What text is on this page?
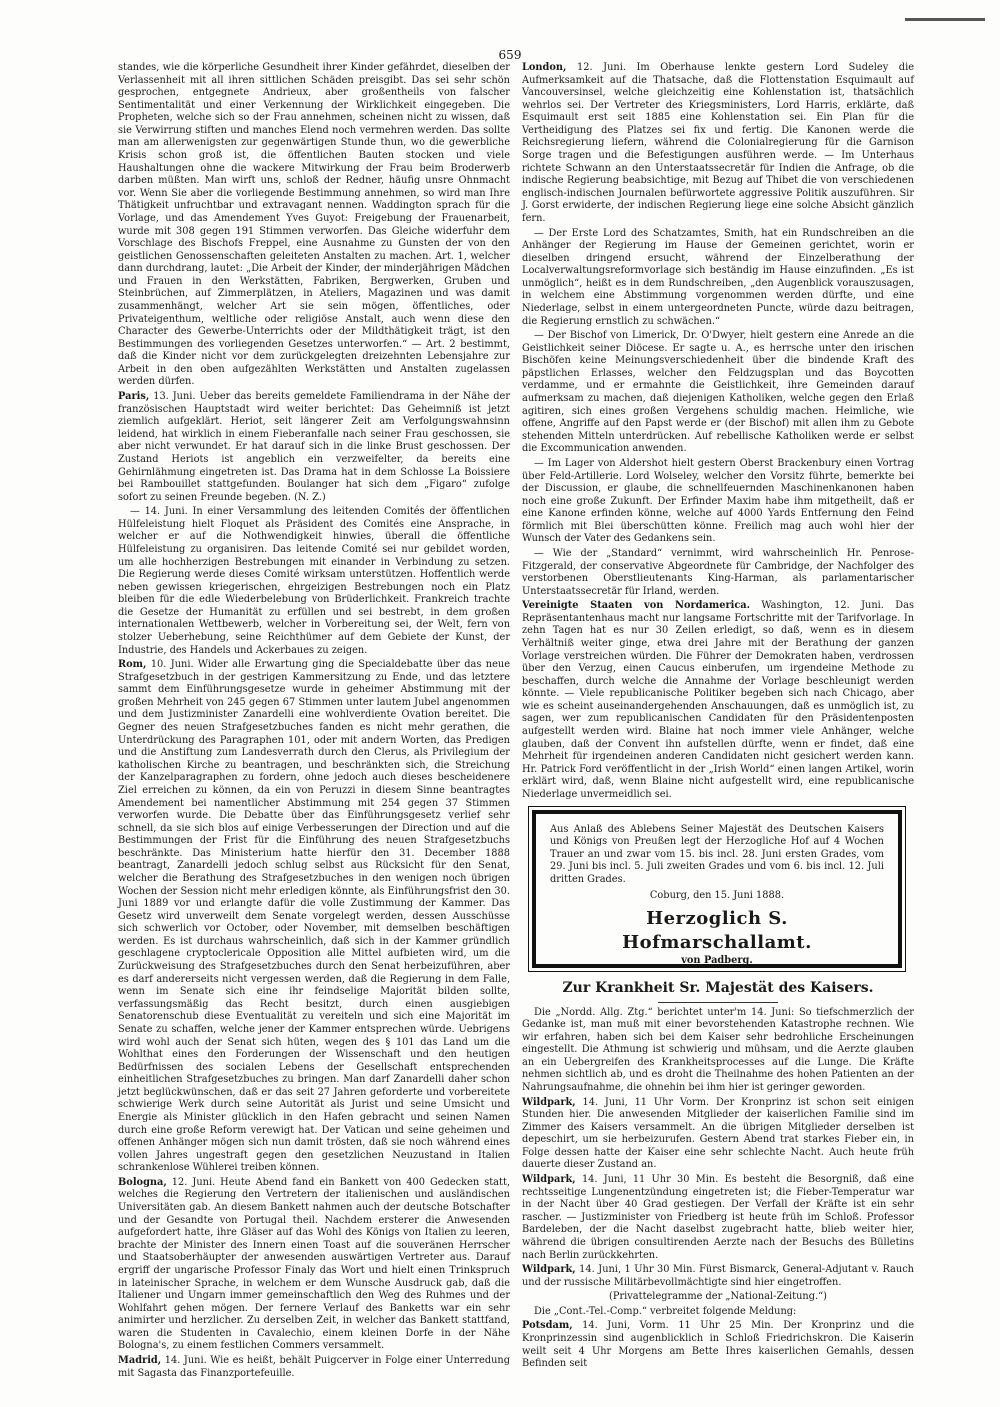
659

standes, wie die körperliche Gesundheit ihrer Kinder gefährdet, dieselben der Verlassenheit mit all ihren sittlichen Schäden preisgibt. Das sei sehr schön gesprochen, entgegnete Andrieux, aber großentheils von falscher Sentimentalität und einer Verkennung der Wirklichkeit eingegeben. Die Propheten, welche sich so der Frau annehmen, scheinen nicht zu wissen, daß sie Verwirrung stiften und manches Elend noch vermehren werden. Das sollte man am allerwenigsten zur gegenwärtigen Stunde thun, wo die gewerbliche Krisis schon groß ist, die öffentlichen Bauten stocken und viele Haushaltungen ohne die wackere Mitwirkung der Frau beim Broderwerb darben müßten. Man wirft uns, schloß der Redner, häufig unsre Ohnmacht vor. Wenn Sie aber die vorliegende Bestimmung annehmen, so wird man Ihre Thätigkeit unfruchtbar und extravagant nennen. Waddington sprach für die Vorlage, und das Amendement Yves Guyot: Freigebung der Frauenarbeit, wurde mit 308 gegen 191 Stimmen verworfen. Das Gleiche widerfuhr dem Vorschlage des Bischofs Freppel, eine Ausnahme zu Gunsten der von den geistlichen Genossenschaften geleiteten Anstalten zu machen. Art. 1, welcher dann durchdrang, lautet: „Die Arbeit der Kinder, der minderjährigen Mädchen und Frauen in den Werkstätten, Fabriken, Bergwerken, Gruben und Steinbrüchen, auf Zimmerplätzen, in Ateliers, Magazinen und was damit zusammenhängt, welcher Art sie sein mögen, öffentliches, oder Privateigenthum, weltliche oder religiöse Anstalt, auch wenn diese den Character des Gewerbe-Unterrichts oder der Mildthätigkeit trägt, ist den Bestimmungen des vorliegenden Gesetzes unterworfen.“ — Art. 2 bestimmt, daß die Kinder nicht vor dem zurückgelegten dreizehnten Lebensjahre zur Arbeit in den oben aufgezählten Werkstätten und Anstalten zugelassen werden dürfen.

Paris, 13. Juni. Ueber das bereits gemeldete Familiendrama in der Nähe der französischen Hauptstadt wird weiter berichtet: Das Geheimniß ist jetzt ziemlich aufgeklärt. Heriot, seit längerer Zeit am Verfolgungswahnsinn leidend, hat wirklich in einem Fieberanfalle nach seiner Frau geschossen, sie aber nicht verwundet. Er hat darauf sich in die linke Brust geschossen. Der Zustand Heriots ist angeblich ein verzweifelter, da bereits eine Gehirnlähmung eingetreten ist. Das Drama hat in dem Schlosse La Boissiere bei Rambouillet stattgefunden. Boulanger hat sich dem „Figaro“ zufolge sofort zu seinen Freunde begeben. (N. Z.)

— 14. Juni. In einer Versammlung des leitenden Comités der öffentlichen Hülfeleistung hielt Floquet als Präsident des Comités eine Ansprache, in welcher er auf die Nothwendigkeit hinwies, überall die öffentliche Hülfeleistung zu organisiren. Das leitende Comité sei nur gebildet worden, um alle hochherzigen Bestrebungen mit einander in Verbindung zu setzen. Die Regierung werde dieses Comité wirksam unterstützen. Hoffentlich werde neben gewissen kriegerischen, ehrgeizigen Bestrebungen noch ein Platz bleiben für die edle Wiederbelebung von Brüderlichkeit. Frankreich trachte die Gesetze der Humanität zu erfüllen und sei bestrebt, in dem großen internationalen Wettbewerb, welcher in Vorbereitung sei, der Welt, fern von stolzer Ueberhebung, seine Reichthümer auf dem Gebiete der Kunst, der Industrie, des Handels und Ackerbaues zu zeigen.

Rom, 10. Juni. Wider alle Erwartung ging die Specialdebatte über das neue Strafgesetzbuch in der gestrigen Kammersitzung zu Ende, und das letztere sammt dem Einführungsgesetze wurde in geheimer Abstimmung mit der großen Mehrheit von 245 gegen 67 Stimmen unter lautem Jubel angenommen und dem Justizminister Zanardelli eine wohlverdiente Ovation bereitet. Die Gegner des neuen Strafgesetzbuches fanden es nicht mehr gerathen, die Unterdrückung des Paragraphen 101, oder mit andern Worten, das Predigen und die Anstiftung zum Landesverrath durch den Clerus, als Privilegium der katholischen Kirche zu beantragen, und beschränkten sich, die Streichung der Kanzelparagraphen zu fordern, ohne jedoch auch dieses bescheidenere Ziel erreichen zu können, da ein von Peruzzi in diesem Sinne beantragtes Amendement bei namentlicher Abstimmung mit 254 gegen 37 Stimmen verworfen wurde. Die Debatte über das Einführungsgesetz verlief sehr schnell, da sie sich blos auf einige Verbesserungen der Direction und auf die Bestimmungen der Frist für die Einführung des neuen Strafgesetzbuchs beschränkte. Das Ministerium hatte hierfür den 31. December 1888 beantragt, Zanardelli jedoch schlug selbst aus Rücksicht für den Senat, welcher die Berathung des Strafgesetzbuches in den wenigen noch übrigen Wochen der Session nicht mehr erledigen könnte, als Einführungsfrist den 30. Juni 1889 vor und erlangte dafür die volle Zustimmung der Kammer. Das Gesetz wird unverweilt dem Senate vorgelegt werden, dessen Ausschüsse sich schwerlich vor October, oder November, mit demselben beschäftigen werden. Es ist durchaus wahrscheinlich, daß sich in der Kammer gründlich geschlagene cryptoclericale Opposition alle Mittel aufbieten wird, um die Zurückweisung des Strafgesetzbuches durch den Senat herbeizuführen, aber es darf andererseits nicht vergessen werden, daß die Regierung in dem Falle, wenn im Senate sich eine ihr feindselige Majorität bilden sollte, verfassungsmäßig das Recht besitzt, durch einen ausgiebigen Senatorenschub diese Eventualität zu vereiteln und sich eine Majorität im Senate zu schaffen, welche jener der Kammer entsprechen würde. Uebrigens wird wohl auch der Senat sich hüten, wegen des § 101 das Land um die Wohlthat eines den Forderungen der Wissenschaft und den heutigen Bedürfnissen des socialen Lebens der Gesellschaft entsprechenden einheitlichen Strafgesetzbuches zu bringen. Man darf Zanardelli daher schon jetzt beglückwünschen, daß er das seit 27 Jahren geforderte und vorbereitete schwierige Werk durch seine Autorität als Jurist und seine Umsicht und Energie als Minister glücklich in den Hafen gebracht und seinen Namen durch eine große Reform verewigt hat. Der Vatican und seine geheimen und offenen Anhänger mögen sich nun damit trösten, daß sie noch während eines vollen Jahres ungestraft gegen den gesetzlichen Neuzustand in Italien schrankenlose Wühlerei treiben können.

Bologna, 12. Juni. Heute Abend fand ein Bankett von 400 Gedecken statt, welches die Regierung den Vertretern der italienischen und ausländischen Universitäten gab. An diesem Bankett nahmen auch der deutsche Botschafter und der Gesandte von Portugal theil. Nachdem ersterer die Anwesenden aufgefordert hatte, ihre Gläser auf das Wohl des Königs von Italien zu leeren, brachte der Minister des Innern einen Toast auf die souveränen Herrscher und Staatsoberhäupter der anwesenden auswärtigen Vertreter aus. Darauf ergriff der ungarische Professor Finaly das Wort und hielt einen Trinkspruch in lateinischer Sprache, in welchem er dem Wunsche Ausdruck gab, daß die Italiener und Ungarn immer gemeinschaftlich den Weg des Ruhmes und der Wohlfahrt gehen mögen. Der fernere Verlauf des Banketts war ein sehr animirter und herzlicher. Zu derselben Zeit, in welcher das Bankett stattfand, waren die Studenten in Cavalechio, einem kleinen Dorfe in der Nähe Bologna's, zu einem festlichen Commers versammelt.

Madrid, 14. Juni. Wie es heißt, behält Puigcerver in Folge einer Unterredung mit Sagasta das Finanzportefeuille.

London, 12. Juni. Im Oberhause lenkte gestern Lord Sudeley die Aufmerksamkeit auf die Thatsache, daß die Flottenstation Esquimault auf Vancouversinsel, welche gleichzeitig eine Kohlenstation ist, thatsächlich wehrlos sei. Der Vertreter des Kriegsministers, Lord Harris, erklärte, daß Esquimault erst seit 1885 eine Kohlenstation sei. Ein Plan für die Vertheidigung des Platzes sei fix und fertig. Die Kanonen werde die Reichsregierung liefern, während die Colonialregierung für die Garnison Sorge tragen und die Befestigungen ausführen werde. — Im Unterhaus richtete Schwann an den Unterstaatssecretär für Indien die Anfrage, ob die indische Regierung beabsichtige, mit Bezug auf Thibet die von verschiedenen englisch-indischen Journalen befürwortete aggressive Politik auszuführen. Sir J. Gorst erwiderte, der indischen Regierung liege eine solche Absicht gänzlich fern.

— Der Erste Lord des Schatzamtes, Smith, hat ein Rundschreiben an die Anhänger der Regierung im Hause der Gemeinen gerichtet, worin er dieselben dringend ersucht, während der Einzelberathung der Localverwaltungsreformvorlage sich beständig im Hause einzufinden. „Es ist unmöglich“, heißt es in dem Rundschreiben, „den Augenblick vorauszusagen, in welchem eine Abstimmung vorgenommen werden dürfte, und eine Niederlage, selbst in einem untergeordneten Puncte, würde dazu beitragen, die Regierung ernstlich zu schwächen.“

— Der Bischof von Limerick, Dr. O'Dwyer, hielt gestern eine Anrede an die Geistlichkeit seiner Diöcese. Er sagte u. A., es herrsche unter den irischen Bischöfen keine Meinungsverschiedenheit über die bindende Kraft des päpstlichen Erlasses, welcher den Feldzugsplan und das Boycotten verdamme, und er ermahnte die Geistlichkeit, ihre Gemeinden darauf aufmerksam zu machen, daß diejenigen Katholiken, welche gegen den Erlaß agitiren, sich eines großen Vergehens schuldig machen. Heimliche, wie offene, Angriffe auf den Papst werde er (der Bischof) mit allen ihm zu Gebote stehenden Mitteln unterdrücken. Auf rebellische Katholiken werde er selbst die Excommunication anwenden.

— Im Lager von Aldershot hielt gestern Oberst Brackenbury einen Vortrag über Feld-Artillerie. Lord Wolseley, welcher den Vorsitz führte, bemerkte bei der Discussion, er glaube, die schnellfeuernden Maschinenkanonen haben noch eine große Zukunft. Der Erfinder Maxim habe ihm mitgetheilt, daß er eine Kanone erfinden könne, welche auf 4000 Yards Entfernung den Feind förmlich mit Blei überschütten könne. Freilich mag auch wohl hier der Wunsch der Vater des Gedankens sein.

— Wie der „Standard“ vernimmt, wird wahrscheinlich Hr. Penrose-Fitzgerald, der conservative Abgeordnete für Cambridge, der Nachfolger des verstorbenen Oberstlieutenants King-Harman, als parlamentarischer Unterstaatssecretär für Irland, werden.

Vereinigte Staaten von Nordamerica. Washington, 12. Juni. Das Repräsentantenhaus macht nur langsame Fortschritte mit der Tarifvorlage. In zehn Tagen hat es nur 30 Zeilen erledigt, so daß, wenn es in diesem Verhältniß weiter ginge, etwa drei Jahre mit der Berathung der ganzen Vorlage verstreichen würden. Die Führer der Demokraten haben, verdrossen über den Verzug, einen Caucus einberufen, um irgendeine Methode zu beschaffen, durch welche die Annahme der Vorlage beschleunigt werden könnte. — Viele republicanische Politiker begeben sich nach Chicago, aber wie es scheint auseinandergehenden Anschauungen, daß es unmöglich ist, zu sagen, wer zum republicanischen Candidaten für den Präsidentenposten aufgestellt werden wird. Blaine hat noch immer viele Anhänger, welche glauben, daß der Convent ihn aufstellen dürfte, wenn er findet, daß eine Mehrheit für irgendeinen anderen Candidaten nicht gesichert werden kann. Hr. Patrick Ford veröffentlicht in der „Irish World“ einen langen Artikel, worin erklärt wird, daß, wenn Blaine nicht aufgestellt wird, eine republicanische Niederlage unvermeidlich sei.

Aus Anlaß des Ablebens Seiner Majestät des Deutschen Kaisers und Königs von Preußen legt der Herzogliche Hof auf 4 Wochen Trauer an und zwar vom 15. bis incl. 28. Juni ersten Grades, vom 29. Juni bis incl. 5. Juli zweiten Grades und vom 6. bis incl. 12. Juli dritten Grades.

Coburg, den 15. Juni 1888.

Herzoglich S. Hofmarschallamt.

von Padberg.

Zur Krankheit Sr. Majestät des Kaisers.

Die „Nordd. Allg. Ztg.“ berichtet unter'm 14. Juni: So tiefschmerzlich der Gedanke ist, man muß mit einer bevorstehenden Katastrophe rechnen. Wie wir erfahren, haben sich bei dem Kaiser sehr bedrohliche Erscheinungen eingestellt. Die Athmung ist schwierig und mühsam, und die Aerzte glauben an ein Uebergreifen des Krankheitsprocesses auf die Lunge. Die Kräfte nehmen sichtlich ab, und es droht die Theilnahme des hohen Patienten an der Nahrungsaufnahme, die ohnehin bei ihm hier ist geringer geworden.

Wildpark, 14. Juni, 11 Uhr Vorm. Der Kronprinz ist schon seit einigen Stunden hier. Die anwesenden Mitglieder der kaiserlichen Familie sind im Zimmer des Kaisers versammelt. An die übrigen Mitglieder derselben ist depeschirt, um sie herbeizurufen. Gestern Abend trat starkes Fieber ein, in Folge dessen hatte der Kaiser eine sehr schlechte Nacht. Auch heute früh dauerte dieser Zustand an.

Wildpark, 14. Juni, 11 Uhr 30 Min. Es besteht die Besorgniß, daß eine rechtsseitige Lungenentzündung eingetreten ist; die Fieber-Temperatur war in der Nacht über 40 Grad gestiegen. Der Verfall der Kräfte ist ein sehr rascher. — Justizminister von Friedberg ist heute früh im Schloß. Professor Bardeleben, der die Nacht daselbst zugebracht hatte, blieb weiter hier, während die übrigen consultirenden Aerzte nach der Besuchs des Bülletins nach Berlin zurückkehrten.

Wildpark, 14. Juni, 1 Uhr 30 Min. Fürst Bismarck, General-Adjutant v. Rauch und der russische Militärbevollmächtigte sind hier eingetroffen.

(Privattelegramme der „National-Zeitung.“)

Die „Cont.-Tel.-Comp.“ verbreitet folgende Meldung:

Potsdam, 14. Juni, Vorm. 11 Uhr 25 Min. Der Kronprinz und die Kronprinzessin sind augenblicklich in Schloß Friedrichskron. Die Kaiserin weilt seit 4 Uhr Morgens am Bette Ihres kaiserlichen Gemahls, dessen Befinden seit
